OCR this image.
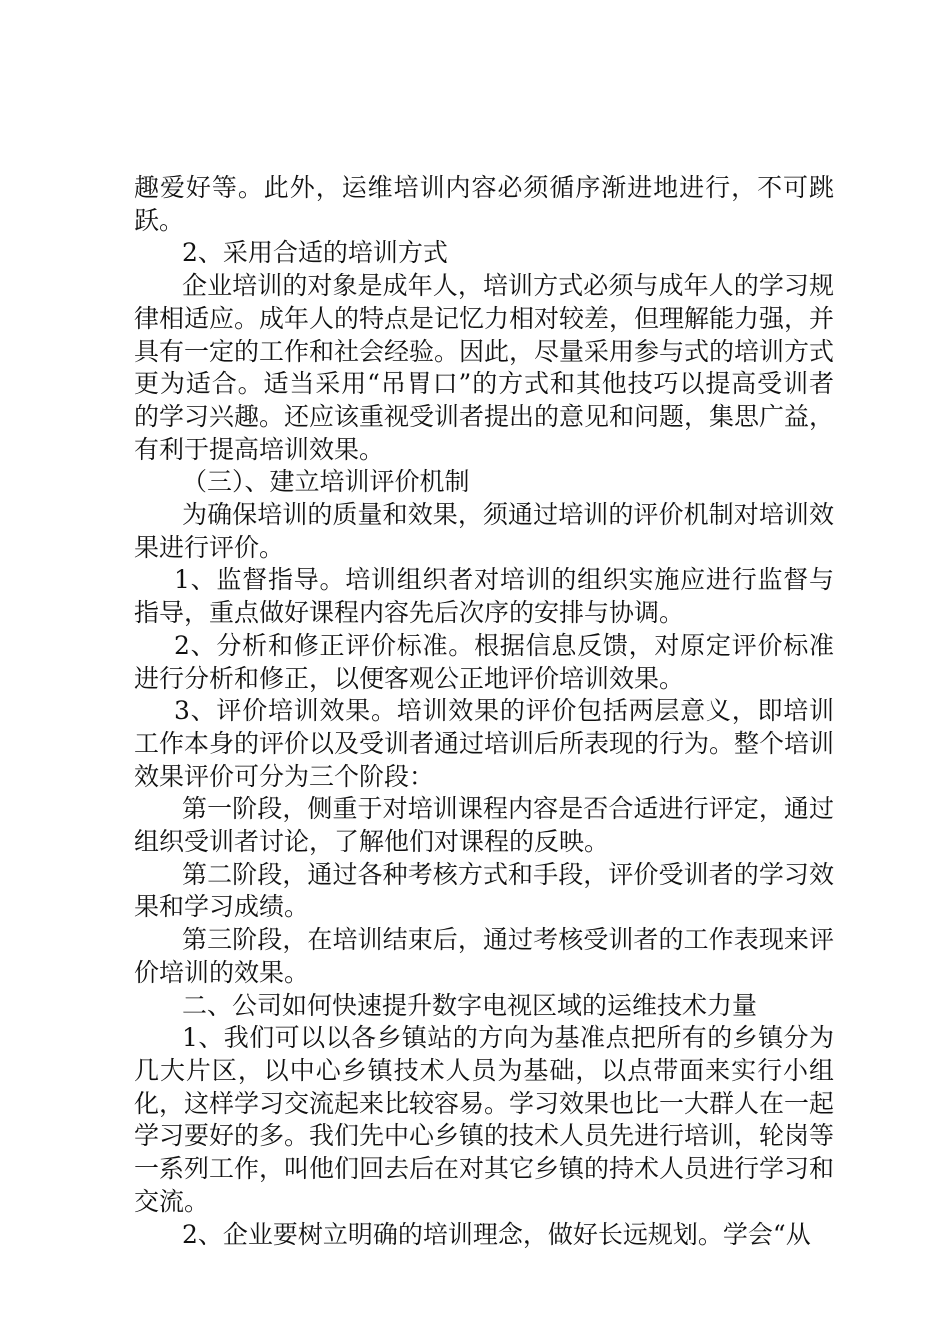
趣爱好等。此外，运维培训内容必须循序渐进地进行，不可跳跃。

2、采用合适的培训方式

企业培训的对象是成年人，培训方式必须与成年人的学习规律相适应。成年人的特点是记忆力相对较差，但理解能力强，并具有一定的工作和社会经验。因此，尽量采用参与式的培训方式更为适合。适当采用“吊胃口”的方式和其他技巧以提高受训者的学习兴趣。还应该重视受训者提出的意见和问题，集思广益，有利于提高培训效果。

（三）、建立培训评价机制

为确保培训的质量和效果，须通过培训的评价机制对培训效果进行评价。

1、监督指导。培训组织者对培训的组织实施应进行监督与指导，重点做好课程内容先后次序的安排与协调。

2、分析和修正评价标准。根据信息反馈，对原定评价标准进行分析和修正，以便客观公正地评价培训效果。

3、评价培训效果。培训效果的评价包括两层意义，即培训工作本身的评价以及受训者通过培训后所表现的行为。整个培训效果评价可分为三个阶段：

第一阶段，侧重于对培训课程内容是否合适进行评定，通过组织受训者讨论，了解他们对课程的反映。

第二阶段，通过各种考核方式和手段，评价受训者的学习效果和学习成绩。

第三阶段，在培训结束后，通过考核受训者的工作表现来评价培训的效果。

二、公司如何快速提升数字电视区域的运维技术力量

1、我们可以以各乡镇站的方向为基准点把所有的乡镇分为几大片区，以中心乡镇技术人员为基础，以点带面来实行小组化，这样学习交流起来比较容易。学习效果也比一大群人在一起学习要好的多。我们先中心乡镇的技术人员先进行培训，轮岗等一系列工作，叫他们回去后在对其它乡镇的持术人员进行学习和交流。

2、企业要树立明确的培训理念，做好长远规划。学会“从
